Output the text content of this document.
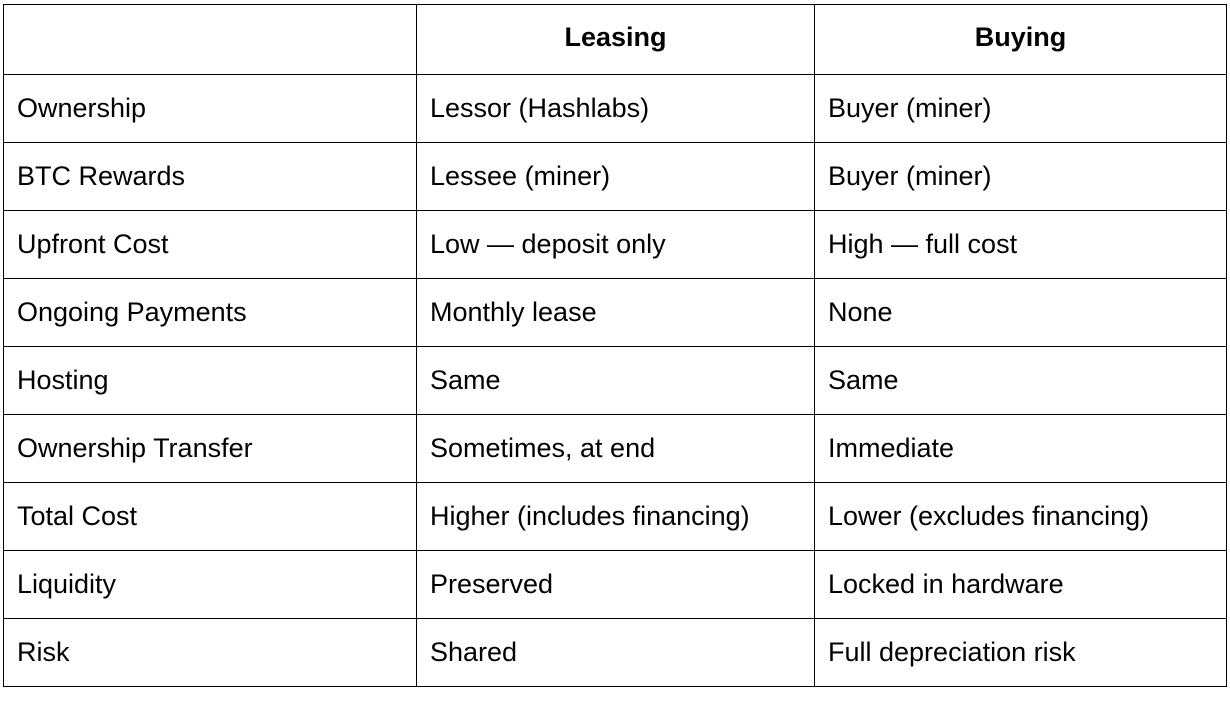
	Leasing	Buying
Ownership	Lessor (Hashlabs)	Buyer (miner)
BTC Rewards	Lessee (miner)	Buyer (miner)
Upfront Cost	Low — deposit only	High — full cost
Ongoing Payments	Monthly lease	None
Hosting	Same	Same
Ownership Transfer	Sometimes, at end	Immediate
Total Cost	Higher (includes financing)	Lower (excludes financing)
Liquidity	Preserved	Locked in hardware
Risk	Shared	Full depreciation risk
